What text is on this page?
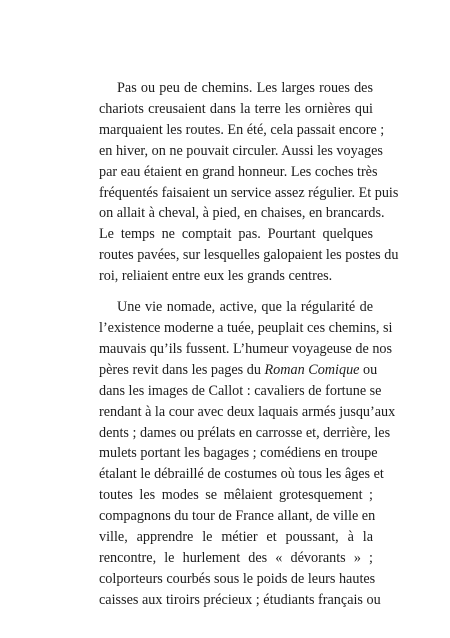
Pas ou peu de chemins. Les larges roues des
chariots creusaient dans la terre les ornières qui
marquaient les routes. En été, cela passait encore ;
en hiver, on ne pouvait circuler. Aussi les voyages
par eau étaient en grand honneur. Les coches très
fréquentés faisaient un service assez régulier. Et puis
on allait à cheval, à pied, en chaises, en brancards.
Le temps ne comptait pas. Pourtant quelques
routes pavées, sur lesquelles galopaient les postes du
roi, reliaient entre eux les grands centres.
Une vie nomade, active, que la régularité de
l’existence moderne a tuée, peuplait ces chemins, si
mauvais qu’ils fussent. L’humeur voyageuse de nos
pères revit dans les pages du Roman Comique ou
dans les images de Callot : cavaliers de fortune se
rendant à la cour avec deux laquais armés jusqu’aux
dents ; dames ou prélats en carrosse et, derrière, les
mulets portant les bagages ; comédiens en troupe
étalant le débraillé de costumes où tous les âges et
toutes les modes se mêlaient grotesquement ;
compagnons du tour de France allant, de ville en
ville, apprendre le métier et poussant, à la
rencontre, le hurlement des « dévorants » ;
colporteurs courbés sous le poids de leurs hautes
caisses aux tiroirs précieux ; étudiants français ou
